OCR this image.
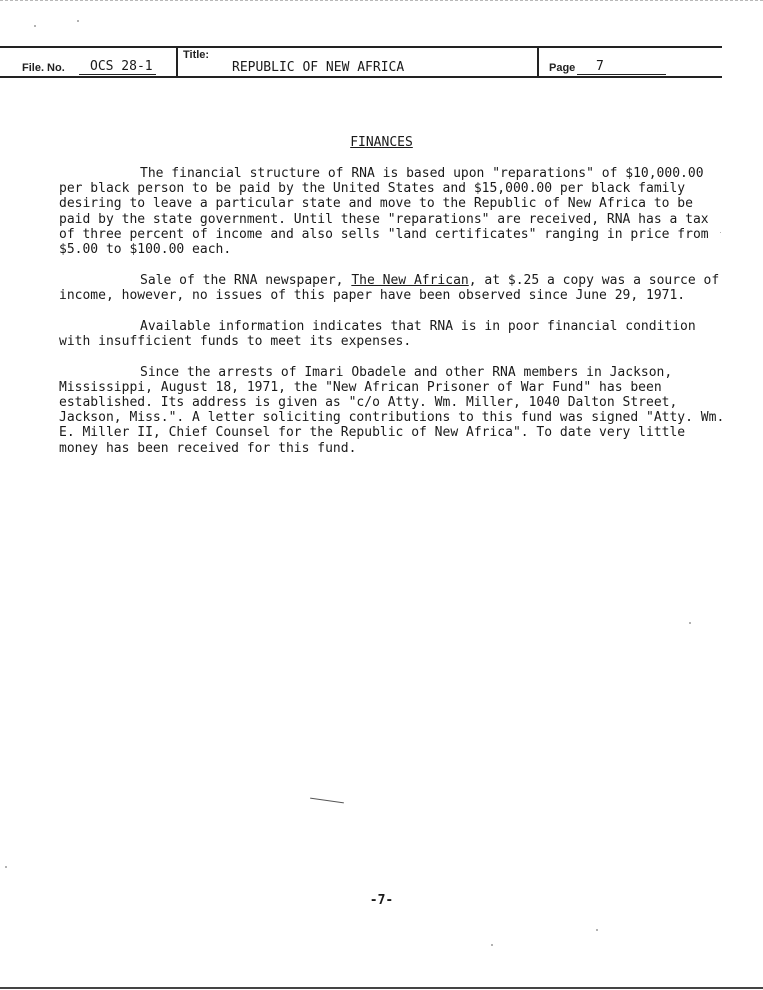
File. No.	OCS 28-1
Title:
REPUBLIC OF NEW AFRICA	Page	7
FINANCES

The financial structure of RNA is based upon "reparations" of $10,000.00 per black person to be paid by the United States and $15,000.00 per black family desiring to leave a particular state and move to the Republic of New Africa to be paid by the state government. Until these "reparations" are received, RNA has a tax of three percent of income and also sells "land certificates" ranging in price from $5.00 to $100.00 each.

Sale of the RNA newspaper, The New African, at $.25 a copy was a source of income, however, no issues of this paper have been observed since June 29, 1971.

Available information indicates that RNA is in poor financial condition with insufficient funds to meet its expenses.

Since the arrests of Imari Obadele and other RNA members in Jackson, Mississippi, August 18, 1971, the "New African Prisoner of War Fund" has been established. Its address is given as "c/o Atty. Wm. Miller, 1040 Dalton Street, Jackson, Miss.". A letter soliciting contributions to this fund was signed "Atty. Wm. E. Miller II, Chief Counsel for the Republic of New Africa". To date very little money has been received for this fund.

-7-
